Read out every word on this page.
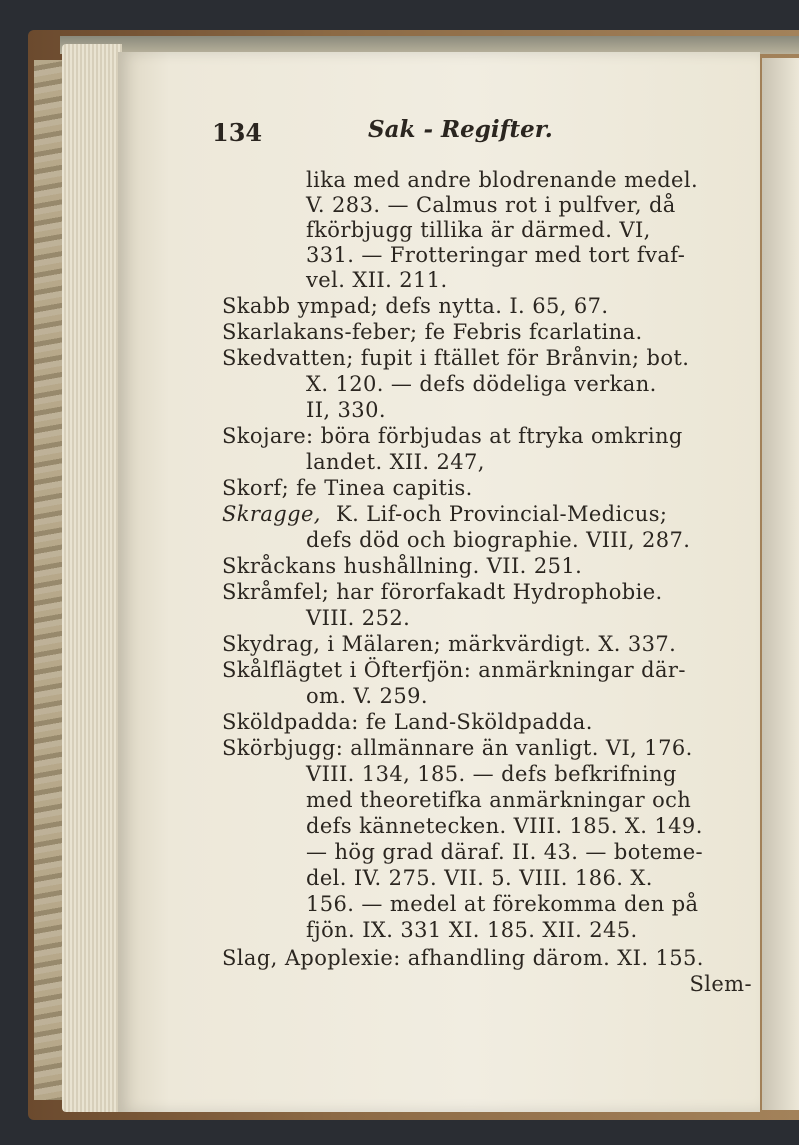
134	Sak - Regifter.
lika med andre blodrenande medel.
V. 283. — Calmus rot i pulfver, då
fkörbjugg tillika är därmed. VI,
331. — Frotteringar med tort fvaf-
vel. XII. 211.
Skabb ympad; defs nytta. I. 65, 67.
Skarlakans-feber; fe Febris fcarlatina.
Skedvatten; fupit i ftället för Brånvin; bot.
X. 120. — defs dödeliga verkan.
II, 330.
Skojare: böra förbjudas at ftryka omkring
landet. XII. 247,
Skorf; fe Tinea capitis.
Skragge, K. Lif-och Provincial-Medicus;
defs död och biographie. VIII, 287.
Skråckans hushållning. VII. 251.
Skråmfel; har förorfakadt Hydrophobie.
VIII. 252.
Skydrag, i Mälaren; märkvärdigt. X. 337.
Skålflägtet i Öfterfjön: anmärkningar där-
om. V. 259.
Sköldpadda: fe Land-Sköldpadda.
Skörbjugg: allmännare än vanligt. VI, 176.
VIII. 134, 185. — defs befkrifning
med theoretifka anmärkningar och
defs kännetecken. VIII. 185. X. 149.
— hög grad däraf. II. 43. — boteme-
del. IV. 275. VII. 5. VIII. 186. X.
156. — medel at förekomma den på
fjön. IX. 331 XI. 185. XII. 245.
Slag, Apoplexie: afhandling därom. XI. 155.
Slem-
